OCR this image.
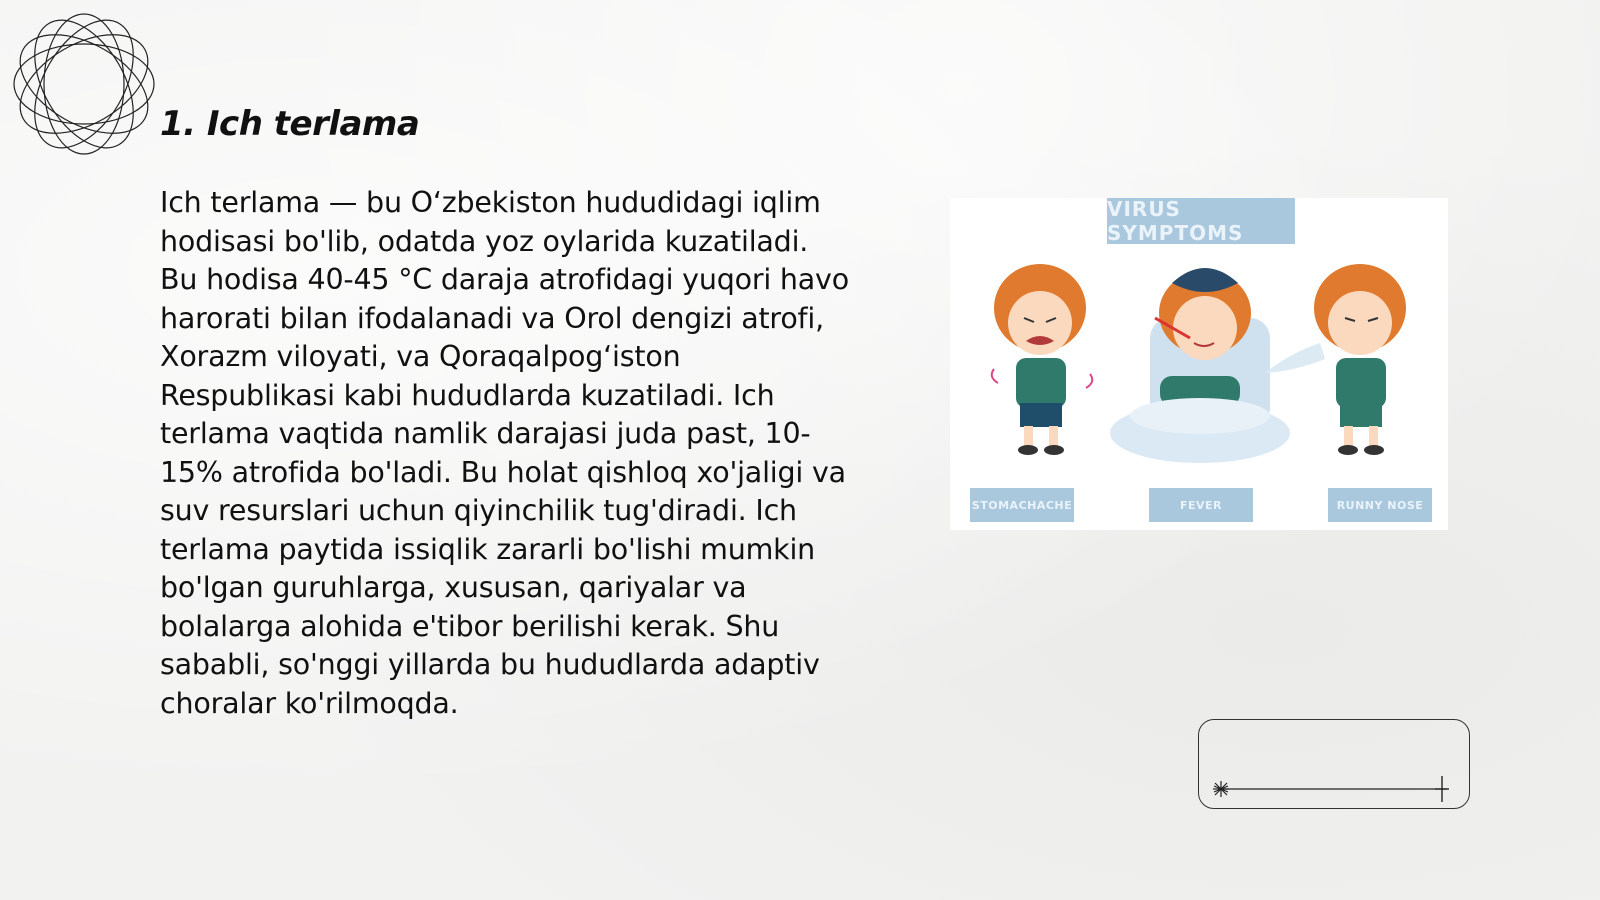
1. Ich terlama

Ich terlama — bu O‘zbekiston hududidagi iqlim hodisasi bo'lib, odatda yoz oylarida kuzatiladi. Bu hodisa 40-45 °C daraja atrofidagi yuqori havo harorati bilan ifodalanadi va Orol dengizi atrofi, Xorazm viloyati, va Qoraqalpog‘iston Respublikasi kabi hududlarda kuzatiladi. Ich terlama vaqtida namlik darajasi juda past, 10-15% atrofida bo'ladi. Bu holat qishloq xo'jaligi va suv resurslari uchun qiyinchilik tug'diradi. Ich terlama paytida issiqlik zararli bo'lishi mumkin bo'lgan guruhlarga, xususan, qariyalar va bolalarga alohida e'tibor berilishi kerak. Shu sababli, so'nggi yillarda bu hududlarda adaptiv choralar ko'rilmoqda.

VIRUS SYMPTOMS
STOMACHACHE	FEVER	RUNNY NOSE
